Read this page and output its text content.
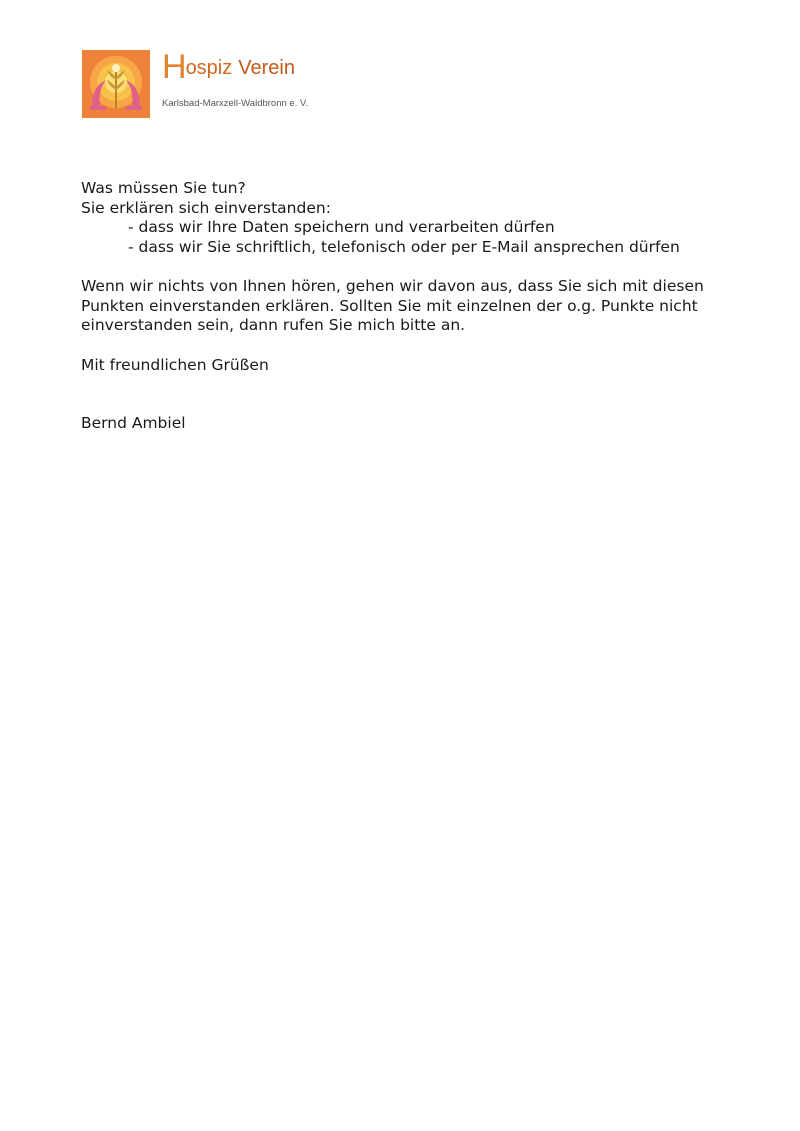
Hospiz Verein
Karlsbad-Marxzell-Waldbronn e. V.

Was müssen Sie tun?

Sie erklären sich einverstanden:

- dass wir Ihre Daten speichern und verarbeiten dürfen
- dass wir Sie schriftlich, telefonisch oder per E-Mail ansprechen dürfen

Wenn wir nichts von Ihnen hören, gehen wir davon aus, dass Sie sich mit diesen Punkten einverstanden erklären. Sollten Sie mit einzelnen der o.g. Punkte nicht einverstanden sein, dann rufen Sie mich bitte an.

Mit freundlichen Grüßen

Bernd Ambiel
